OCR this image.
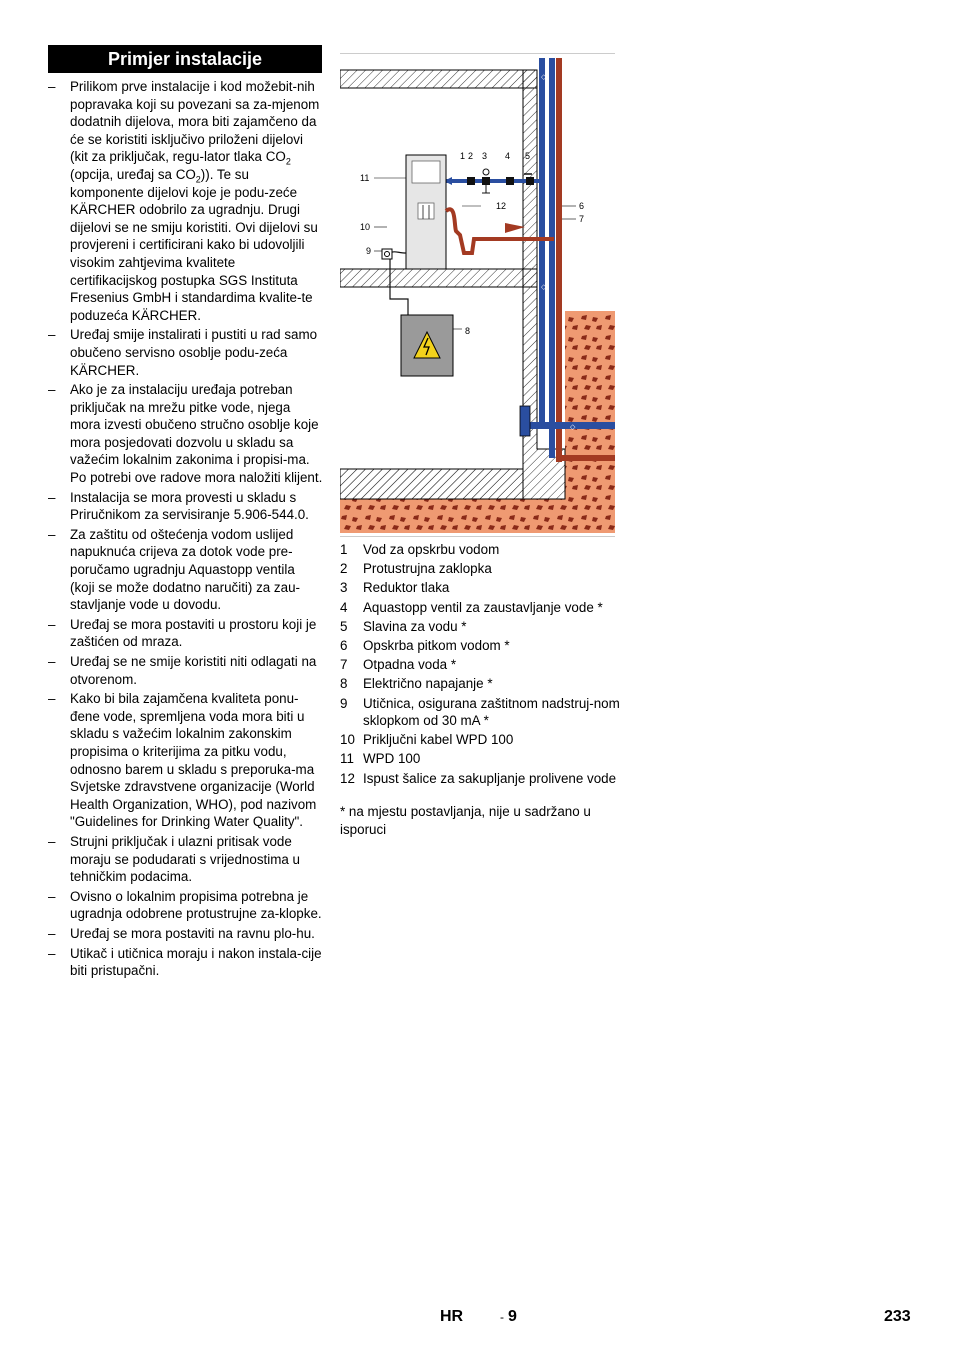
Primjer instalacije
–	Prilikom prve instalacije i kod možebit-nih popravaka koji su povezani sa za-mjenom dodatnih dijelova, mora biti zajamčeno da će se koristiti isključivo priloženi dijelovi (kit za priključak, regu-lator tlaka $CO_2$ (opcija, uređaj sa $CO_2$)). Te su komponente dijelovi koje je podu-zeće KÄRCHER odobrilo za ugradnju. Drugi dijelovi se ne smiju koristiti. Ovi dijelovi su provjereni i certificirani kako bi udovoljili visokim zahtjevima kvalitete certifikacijskog postupka SGS Instituta Fresenius GmbH i standardima kvalite-te poduzeća KÄRCHER.
–	Uređaj smije instalirati i pustiti u rad samo obučeno servisno osoblje podu-zeća KÄRCHER.
–	Ako je za instalaciju uređaja potreban priključak na mrežu pitke vode, njega mora izvesti obučeno stručno osoblje koje mora posjedovati dozvolu u skladu sa važećim lokalnim zakonima i propisi-ma. Po potrebi ove radove mora naložiti klijent.
–	Instalacija se mora provesti u skladu s Priručnikom za servisiranje 5.906-544.0.
–	Za zaštitu od oštećenja vodom uslijed napuknuća crijeva za dotok vode pre-poručamo ugradnju Aquastopp ventila (koji se može dodatno naručiti) za zau-stavljanje vode u dovodu.
–	Uređaj se mora postaviti u prostoru koji je zaštićen od mraza.
–	Uređaj se ne smije koristiti niti odlagati na otvorenom.
–	Kako bi bila zajamčena kvaliteta ponu-đene vode, spremljena voda mora biti u skladu s važećim lokalnim zakonskim propisima o kriterijima za pitku vodu, odnosno barem u skladu s preporuka-ma Svjetske zdravstvene organizacije (World Health Organization, WHO), pod nazivom "Guidelines for Drinking Water Quality".
–	Strujni priključak i ulazni pritisak vode moraju se podudarati s vrijednostima u tehničkim podacima.
–	Ovisno o lokalnim propisima potrebna je ugradnja odobrene protustrujne za-klopke.
–	Uređaj se mora postaviti na ravnu plo-hu.
–	Utikač i utičnica moraju i nakon instala-cije biti pristupačni.
◇
◇
◇
1 2 3 4 5
6
7
8
9
10
11
12
1	Vod za opskrbu vodom
2	Protustrujna zaklopka
3	Reduktor tlaka
4	Aquastopp ventil za zaustavljanje vode *
5	Slavina za vodu *
6	Opskrba pitkom vodom *
7	Otpadna voda *
8	Električno napajanje *
9	Utičnica, osigurana zaštitnom nadstruj-nom sklopkom od 30 mA *
10 Priključni kabel WPD 100
11 WPD 100
12 Ispust šalice za sakupljanje prolivene vode
* na mjestu postavljanja, nije u sadržano u isporuci
HR	- 9	233
